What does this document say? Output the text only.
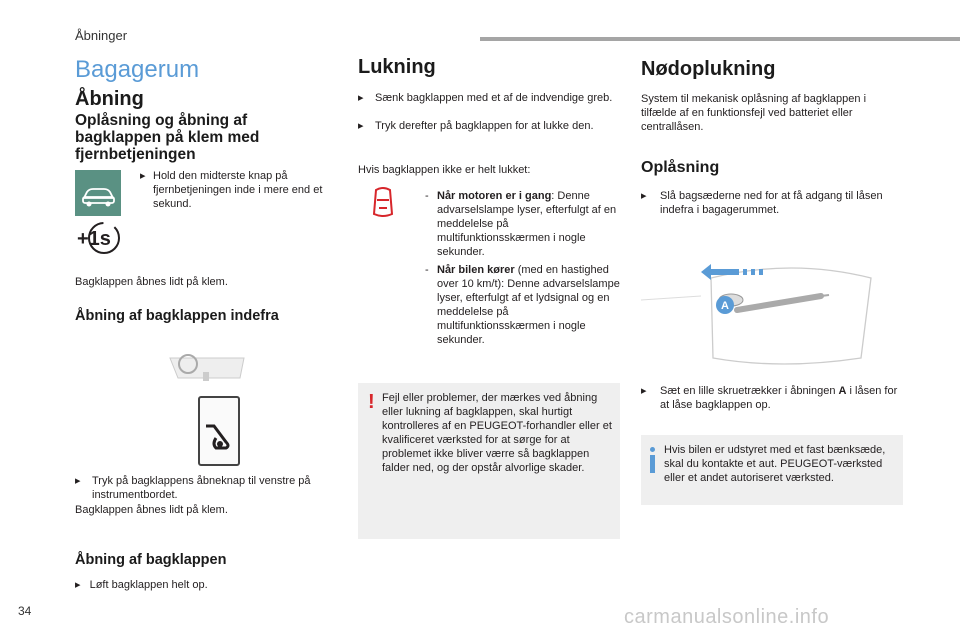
Åbninger
Bagagerum
Åbning
Oplåsning og åbning af bagklappen på klem med fjernbetjeningen
▸ Hold den midterste knap på fjernbetjeningen inde i mere end et sekund.
+1s
Bagklappen åbnes lidt på klem.
Åbning af bagklappen indefra
▸	Tryk på bagklappens åbneknap til venstre på instrumentbordet.
Bagklappen åbnes lidt på klem.
Åbning af bagklappen
▸ Løft bagklappen helt op.
Lukning
▸	Sænk bagklappen med et af de indvendige greb.
▸	Tryk derefter på bagklappen for at lukke den.
Hvis bagklappen ikke er helt lukket:
- Når motoren er i gang: Denne advarselslampe lyser, efterfulgt af en meddelelse på multifunktionsskærmen i nogle sekunder.
- Når bilen kører (med en hastighed over 10 km/t): Denne advarselslampe lyser, efterfulgt af et lydsignal og en meddelelse på multifunktionsskærmen i nogle sekunder.
! Fejl eller problemer, der mærkes ved åbning eller lukning af bagklappen, skal hurtigt kontrolleres af en PEUGEOT-forhandler eller et kvalificeret værksted for at sørge for at problemet ikke bliver værre så bagklappen falder ned, og der opstår alvorlige skader.
Nødoplukning
System til mekanisk oplåsning af bagklappen i tilfælde af en funktionsfejl ved batteriet eller centrallåsen.
Oplåsning
▸	Slå bagsæderne ned for at få adgang til låsen indefra i bagagerummet.
A
▸	Sæt en lille skruetrækker i åbningen A i låsen for at låse bagklappen op.
Hvis bilen er udstyret med et fast bænksæde, skal du kontakte et aut. PEUGEOT-værksted eller et andet autoriseret værksted.
34	carmanualsonline.info
